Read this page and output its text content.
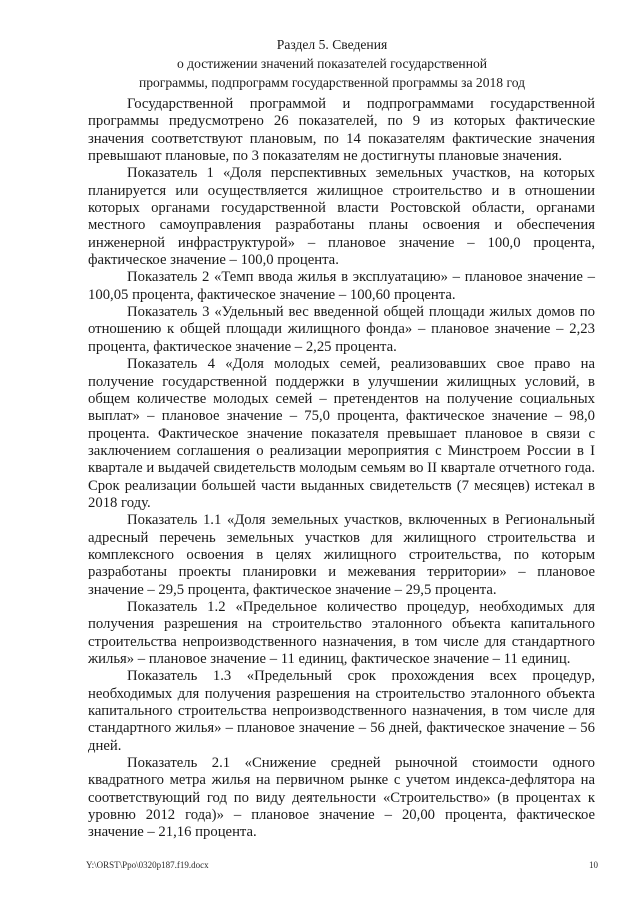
Раздел 5. Сведения
о достижении значений показателей государственной
программы, подпрограмм государственной программы за 2018 год

Государственной программой и подпрограммами государственной программы предусмотрено 26 показателей, по 9 из которых фактические значения соответствуют плановым, по 14 показателям фактические значения превышают плановые, по 3 показателям не достигнуты плановые значения.

Показатель 1 «Доля перспективных земельных участков, на которых планируется или осуществляется жилищное строительство и в отношении которых органами государственной власти Ростовской области, органами местного самоуправления разработаны планы освоения и обеспечения инженерной инфраструктурой» – плановое значение – 100,0 процента, фактическое значение – 100,0 процента.

Показатель 2 «Темп ввода жилья в эксплуатацию» – плановое значение – 100,05 процента, фактическое значение – 100,60 процента.

Показатель 3 «Удельный вес введенной общей площади жилых домов по отношению к общей площади жилищного фонда» – плановое значение – 2,23 процента, фактическое значение – 2,25 процента.

Показатель 4 «Доля молодых семей, реализовавших свое право на получение государственной поддержки в улучшении жилищных условий, в общем количестве молодых семей – претендентов на получение социальных выплат» – плановое значение – 75,0 процента, фактическое значение – 98,0 процента. Фактическое значение показателя превышает плановое в связи с заключением соглашения о реализации мероприятия с Минстроем России в I квартале и выдачей свидетельств молодым семьям во II квартале отчетного года. Срок реализации большей части выданных свидетельств (7 месяцев) истекал в 2018 году.

Показатель 1.1 «Доля земельных участков, включенных в Региональный адресный перечень земельных участков для жилищного строительства и комплексного освоения в целях жилищного строительства, по которым разработаны проекты планировки и межевания территории» – плановое значение – 29,5 процента, фактическое значение – 29,5 процента.

Показатель 1.2 «Предельное количество процедур, необходимых для получения разрешения на строительство эталонного объекта капитального строительства непроизводственного назначения, в том числе для стандартного жилья» – плановое значение – 11 единиц, фактическое значение – 11 единиц.

Показатель 1.3 «Предельный срок прохождения всех процедур, необходимых для получения разрешения на строительство эталонного объекта капитального строительства непроизводственного назначения, в том числе для стандартного жилья» – плановое значение – 56 дней, фактическое значение – 56 дней.

Показатель 2.1 «Снижение средней рыночной стоимости одного квадратного метра жилья на первичном рынке с учетом индекса-дефлятора на соответствующий год по виду деятельности «Строительство» (в процентах к уровню 2012 года)» – плановое значение – 20,00 процента, фактическое значение – 21,16 процента.

Y:\ORST\Ppo\0320p187.f19.docx	10
